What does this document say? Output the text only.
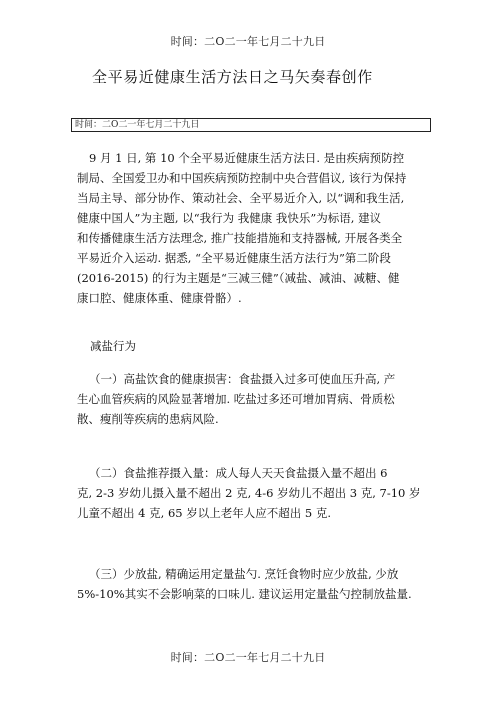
时间：二O二一年七月二十九日
全平易近健康生活方法日之马矢奏春创作
时间：二O二一年七月二十九日

9 月 1 日, 第 10 个全平易近健康生活方法日. 是由疾病预防控

制局、全国爱卫办和中国疾病预防控制中央合营倡议, 该行为保持

当局主导、部分协作、策动社会、全平易近介入, 以“调和我生活,

健康中国人”为主题, 以“我行为 我健康 我快乐”为标语, 建议

和传播健康生活方法理念, 推广技能措施和支持器械, 开展各类全

平易近介入运动. 据悉, “全平易近健康生活方法行为”第二阶段

(2016-2015) 的行为主题是“三减三健”（减盐、减油、减糖、健

康口腔、健康体重、健康骨骼）.

减盐行为

（一）高盐饮食的健康损害：食盐摄入过多可使血压升高, 产

生心血管疾病的风险显著增加. 吃盐过多还可增加胃病、骨质松

散、瘦削等疾病的患病风险.

（二）食盐推荐摄入量：成人每人天天食盐摄入量不超出 6

克, 2-3 岁幼儿摄入量不超出 2 克, 4-6 岁幼儿不超出 3 克, 7-10 岁

儿童不超出 4 克, 65 岁以上老年人应不超出 5 克.

（三）少放盐, 精确运用定量盐勺. 烹饪食物时应少放盐, 少放

5%-10%其实不会影响菜的口味儿. 建议运用定量盐勺控制放盐量.

时间：二O二一年七月二十九日
